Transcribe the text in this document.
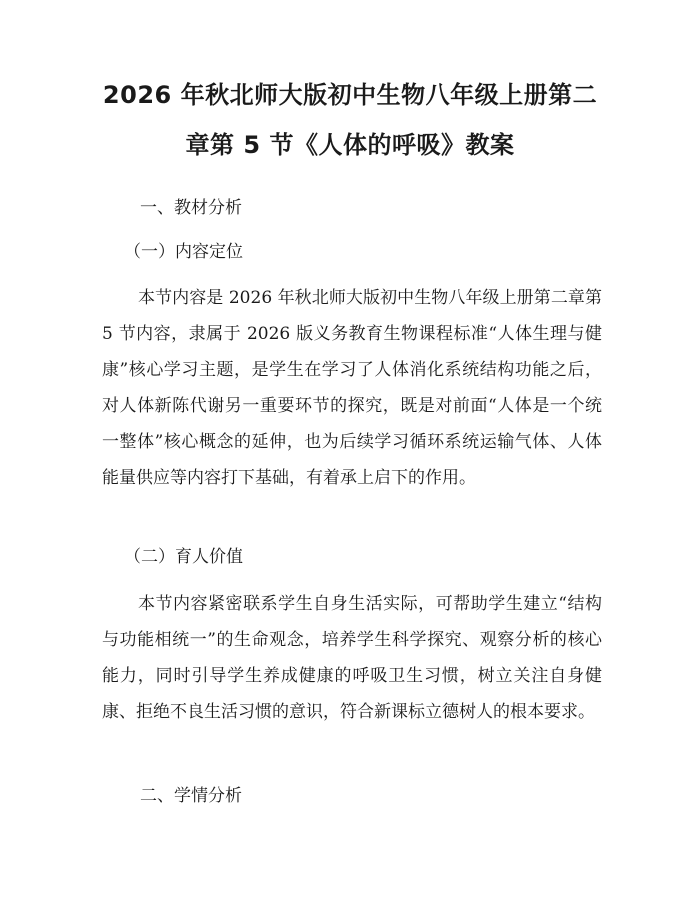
2026 年秋北师大版初中生物八年级上册第二章第 5 节《人体的呼吸》教案

一、教材分析

（一）内容定位

本节内容是 2026 年秋北师大版初中生物八年级上册第二章第 5 节内容，隶属于 2026 版义务教育生物课程标准“人体生理与健康”核心学习主题，是学生在学习了人体消化系统结构功能之后，对人体新陈代谢另一重要环节的探究，既是对前面“人体是一个统一整体”核心概念的延伸，也为后续学习循环系统运输气体、人体能量供应等内容打下基础，有着承上启下的作用。

（二）育人价值

本节内容紧密联系学生自身生活实际，可帮助学生建立“结构与功能相统一”的生命观念，培养学生科学探究、观察分析的核心能力，同时引导学生养成健康的呼吸卫生习惯，树立关注自身健康、拒绝不良生活习惯的意识，符合新课标立德树人的根本要求。

二、学情分析
